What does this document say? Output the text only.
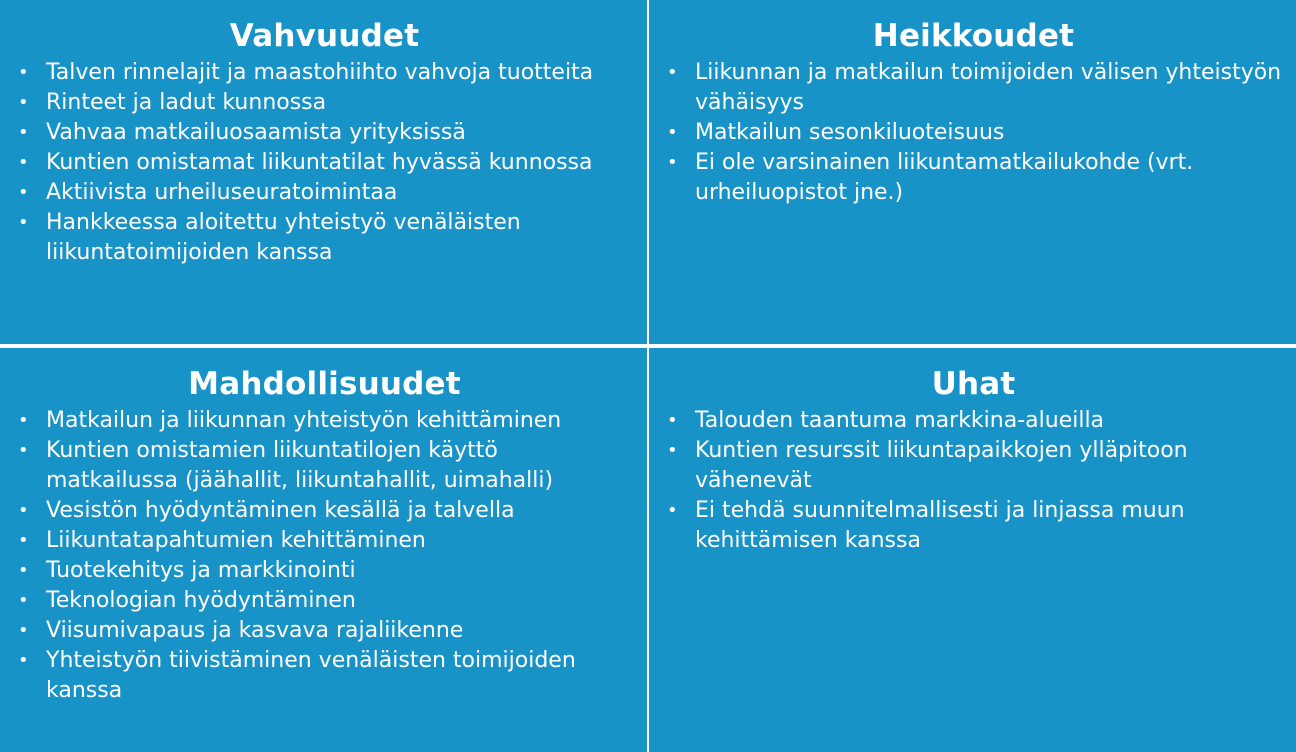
Vahvuudet
• Talven rinnelajit ja maastohiihto vahvoja tuotteita
• Rinteet ja ladut kunnossa
• Vahvaa matkailuosaamista yrityksissä
• Kuntien omistamat liikuntatilat hyvässä kunnossa
• Aktiivista urheiluseuratoimintaa
• Hankkeessa aloitettu yhteistyö venäläisten liikuntatoimijoiden kanssa
Heikkoudet
• Liikunnan ja matkailun toimijoiden välisen yhteistyön vähäisyys
• Matkailun sesonkiluoteisuus
• Ei ole varsinainen liikuntamatkailukohde (vrt. urheiluopistot jne.)
Mahdollisuudet
• Matkailun ja liikunnan yhteistyön kehittäminen
• Kuntien omistamien liikuntatilojen käyttö matkailussa (jäähallit, liikuntahallit, uimahalli)
• Vesistön hyödyntäminen kesällä ja talvella
• Liikuntatapahtumien kehittäminen
• Tuotekehitys ja markkinointi
• Teknologian hyödyntäminen
• Viisumivapaus ja kasvava rajaliikenne
• Yhteistyön tiivistäminen venäläisten toimijoiden kanssa
Uhat
• Talouden taantuma markkina-alueilla
• Kuntien resurssit liikuntapaikkojen ylläpitoon vähenevät
• Ei tehdä suunnitelmallisesti ja linjassa muun kehittämisen kanssa
